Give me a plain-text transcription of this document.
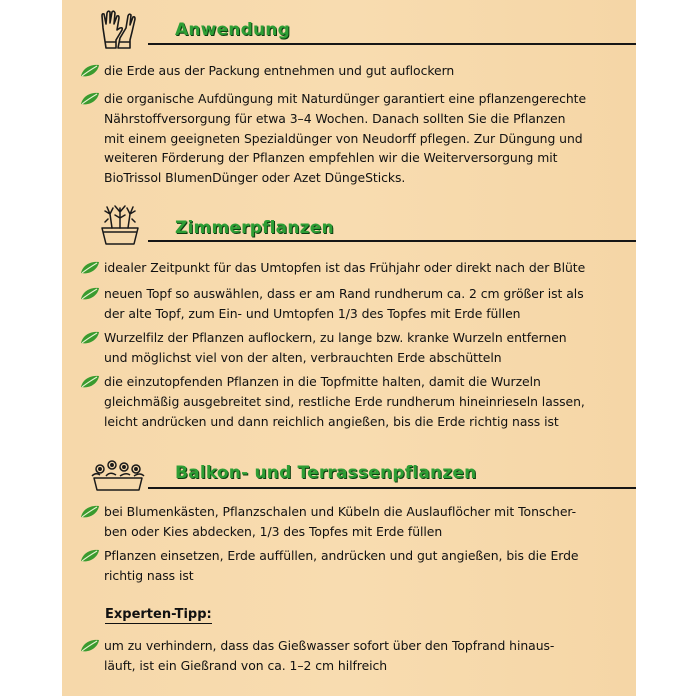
Anwendung
die Erde aus der Packung entnehmen und gut auflockern
die organische Aufdüngung mit Naturdünger garantiert eine pflanzengerechte
Nährstoffversorgung für etwa 3–4 Wochen. Danach sollten Sie die Pflanzen
mit einem geeigneten Spezialdünger von Neudorff pflegen. Zur Düngung und
weiteren Förderung der Pflanzen empfehlen wir die Weiterversorgung mit
BioTrissol BlumenDünger oder Azet DüngeSticks.
Zimmerpflanzen
idealer Zeitpunkt für das Umtopfen ist das Frühjahr oder direkt nach der Blüte
neuen Topf so auswählen, dass er am Rand rundherum ca. 2 cm größer ist als
der alte Topf, zum Ein- und Umtopfen 1/3 des Topfes mit Erde füllen
Wurzelfilz der Pflanzen auflockern, zu lange bzw. kranke Wurzeln entfernen
und möglichst viel von der alten, verbrauchten Erde abschütteln
die einzutopfenden Pflanzen in die Topfmitte halten, damit die Wurzeln
gleichmäßig ausgebreitet sind, restliche Erde rundherum hineinrieseln lassen,
leicht andrücken und dann reichlich angießen, bis die Erde richtig nass ist
Balkon- und Terrassenpflanzen
bei Blumenkästen, Pflanzschalen und Kübeln die Auslauflöcher mit Tonscher-
ben oder Kies abdecken, 1/3 des Topfes mit Erde füllen
Pflanzen einsetzen, Erde auffüllen, andrücken und gut angießen, bis die Erde
richtig nass ist
Experten-Tipp:
um zu verhindern, dass das Gießwasser sofort über den Topfrand hinaus-
läuft, ist ein Gießrand von ca. 1–2 cm hilfreich
